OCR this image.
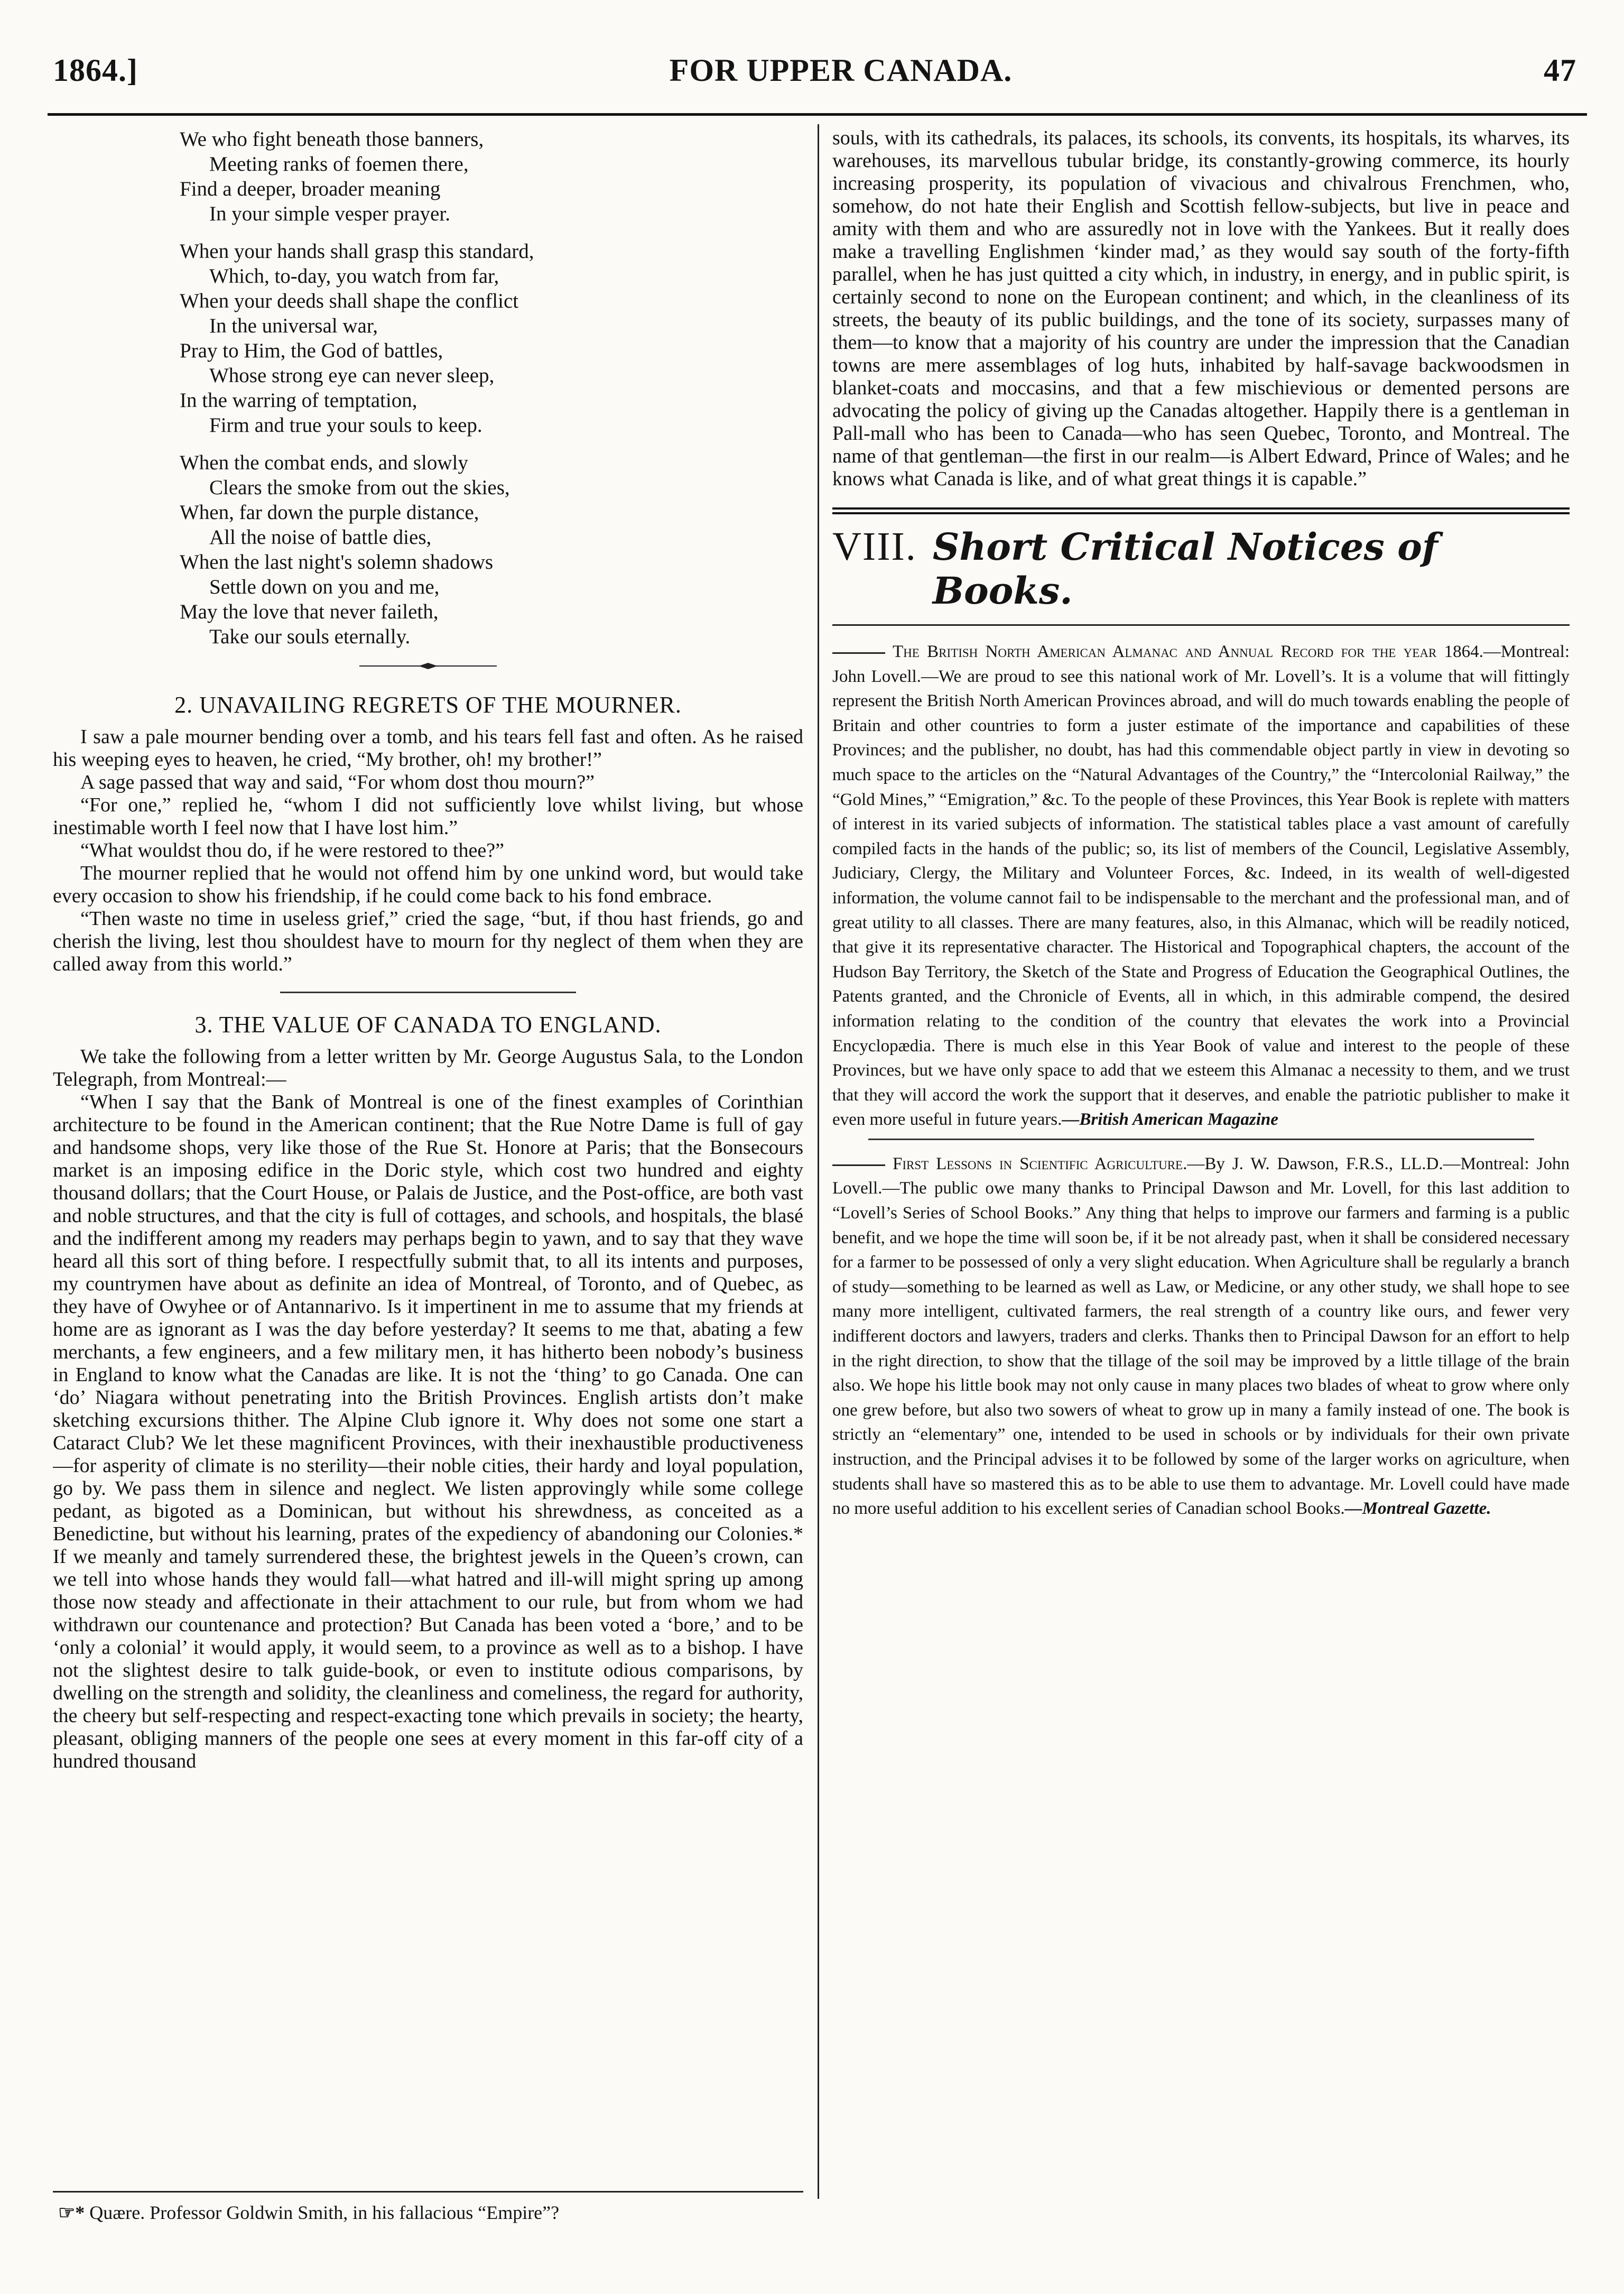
1864.]	FOR UPPER CANADA.	47
We who fight beneath those banners,
Meeting ranks of foemen there,
Find a deeper, broader meaning
In your simple vesper prayer.
When your hands shall grasp this standard,
Which, to-day, you watch from far,
When your deeds shall shape the conflict
In the universal war,
Pray to Him, the God of battles,
Whose strong eye can never sleep,
In the warring of temptation,
Firm and true your souls to keep.
When the combat ends, and slowly
Clears the smoke from out the skies,
When, far down the purple distance,
All the noise of battle dies,
When the last night's solemn shadows
Settle down on you and me,
May the love that never faileth,
Take our souls eternally.
2. UNAVAILING REGRETS OF THE MOURNER.

I saw a pale mourner bending over a tomb, and his tears fell fast and often. As he raised his weeping eyes to heaven, he cried, “My brother, oh! my brother!”

A sage passed that way and said, “For whom dost thou mourn?”

“For one,” replied he, “whom I did not sufficiently love whilst living, but whose inestimable worth I feel now that I have lost him.”

“What wouldst thou do, if he were restored to thee?”

The mourner replied that he would not offend him by one unkind word, but would take every occasion to show his friendship, if he could come back to his fond embrace.

“Then waste no time in useless grief,” cried the sage, “but, if thou hast friends, go and cherish the living, lest thou shouldest have to mourn for thy neglect of them when they are called away from this world.”

3. THE VALUE OF CANADA TO ENGLAND.

We take the following from a letter written by Mr. George Augustus Sala, to the London Telegraph, from Montreal:—

“When I say that the Bank of Montreal is one of the finest examples of Corinthian architecture to be found in the American continent; that the Rue Notre Dame is full of gay and handsome shops, very like those of the Rue St. Honore at Paris; that the Bonsecours market is an imposing edifice in the Doric style, which cost two hundred and eighty thousand dollars; that the Court House, or Palais de Justice, and the Post-office, are both vast and noble structures, and that the city is full of cottages, and schools, and hospitals, the blasé and the indifferent among my readers may perhaps begin to yawn, and to say that they wave heard all this sort of thing before. I respectfully submit that, to all its intents and purposes, my countrymen have about as definite an idea of Montreal, of Toronto, and of Quebec, as they have of Owyhee or of Antannarivo. Is it impertinent in me to assume that my friends at home are as ignorant as I was the day before yesterday? It seems to me that, abating a few merchants, a few engineers, and a few military men, it has hitherto been nobody’s business in England to know what the Canadas are like. It is not the ‘thing’ to go Canada. One can ‘do’ Niagara without penetrating into the British Provinces. English artists don’t make sketching excursions thither. The Alpine Club ignore it. Why does not some one start a Cataract Club? We let these magnificent Provinces, with their inexhaustible productiveness—for asperity of climate is no sterility—their noble cities, their hardy and loyal population, go by. We pass them in silence and neglect. We listen approvingly while some college pedant, as bigoted as a Dominican, but without his shrewdness, as conceited as a Benedictine, but without his learning, prates of the expediency of abandoning our Colonies.* If we meanly and tamely surrendered these, the brightest jewels in the Queen’s crown, can we tell into whose hands they would fall—what hatred and ill-will might spring up among those now steady and affectionate in their attachment to our rule, but from whom we had withdrawn our countenance and protection? But Canada has been voted a ‘bore,’ and to be ‘only a colonial’ it would apply, it would seem, to a province as well as to a bishop. I have not the slightest desire to talk guide-book, or even to institute odious comparisons, by dwelling on the strength and solidity, the cleanliness and comeliness, the regard for authority, the cheery but self-respecting and respect-exacting tone which prevails in society; the hearty, pleasant, obliging manners of the people one sees at every moment in this far-off city of a hundred thousand

☞* Quære. Professor Goldwin Smith, in his fallacious “Empire”?
souls, with its cathedrals, its palaces, its schools, its convents, its hospitals, its wharves, its warehouses, its marvellous tubular bridge, its constantly-growing commerce, its hourly increasing prosperity, its population of vivacious and chivalrous Frenchmen, who, somehow, do not hate their English and Scottish fellow-subjects, but live in peace and amity with them and who are assuredly not in love with the Yankees. But it really does make a travelling Englishmen ‘kinder mad,’ as they would say south of the forty-fifth parallel, when he has just quitted a city which, in industry, in energy, and in public spirit, is certainly second to none on the European continent; and which, in the cleanliness of its streets, the beauty of its public buildings, and the tone of its society, surpasses many of them—to know that a majority of his country are under the impression that the Canadian towns are mere assemblages of log huts, inhabited by half-savage backwoodsmen in blanket-coats and moccasins, and that a few mischievious or demented persons are advocating the policy of giving up the Canadas altogether. Happily there is a gentleman in Pall-mall who has been to Canada—who has seen Quebec, Toronto, and Montreal. The name of that gentleman—the first in our realm—is Albert Edward, Prince of Wales; and he knows what Canada is like, and of what great things it is capable.”
VIII. Short Critical Notices of Books.

The British North American Almanac and Annual Record for the year 1864.—Montreal: John Lovell.—We are proud to see this national work of Mr. Lovell’s. It is a volume that will fittingly represent the British North American Provinces abroad, and will do much towards enabling the people of Britain and other countries to form a juster estimate of the importance and capabilities of these Provinces; and the publisher, no doubt, has had this commendable object partly in view in devoting so much space to the articles on the “Natural Advantages of the Country,” the “Intercolonial Railway,” the “Gold Mines,” “Emigration,” &c. To the people of these Provinces, this Year Book is replete with matters of interest in its varied subjects of information. The statistical tables place a vast amount of carefully compiled facts in the hands of the public; so, its list of members of the Council, Legislative Assembly, Judiciary, Clergy, the Military and Volunteer Forces, &c. Indeed, in its wealth of well-digested information, the volume cannot fail to be indispensable to the merchant and the professional man, and of great utility to all classes. There are many features, also, in this Almanac, which will be readily noticed, that give it its representative character. The Historical and Topographical chapters, the account of the Hudson Bay Territory, the Sketch of the State and Progress of Education the Geographical Outlines, the Patents granted, and the Chronicle of Events, all in which, in this admirable compend, the desired information relating to the condition of the country that elevates the work into a Provincial Encyclopædia. There is much else in this Year Book of value and interest to the people of these Provinces, but we have only space to add that we esteem this Almanac a necessity to them, and we trust that they will accord the work the support that it deserves, and enable the patriotic publisher to make it even more useful in future years.—British American Magazine

First Lessons in Scientific Agriculture.—By J. W. Dawson, F.R.S., LL.D.—Montreal: John Lovell.—The public owe many thanks to Principal Dawson and Mr. Lovell, for this last addition to “Lovell’s Series of School Books.” Any thing that helps to improve our farmers and farming is a public benefit, and we hope the time will soon be, if it be not already past, when it shall be considered necessary for a farmer to be possessed of only a very slight education. When Agriculture shall be regularly a branch of study—something to be learned as well as Law, or Medicine, or any other study, we shall hope to see many more intelligent, cultivated farmers, the real strength of a country like ours, and fewer very indifferent doctors and lawyers, traders and clerks. Thanks then to Principal Dawson for an effort to help in the right direction, to show that the tillage of the soil may be improved by a little tillage of the brain also. We hope his little book may not only cause in many places two blades of wheat to grow where only one grew before, but also two sowers of wheat to grow up in many a family instead of one. The book is strictly an “elementary” one, intended to be used in schools or by individuals for their own private instruction, and the Principal advises it to be followed by some of the larger works on agriculture, when students shall have so mastered this as to be able to use them to advantage. Mr. Lovell could have made no more useful addition to his excellent series of Canadian school Books.—Montreal Gazette.
